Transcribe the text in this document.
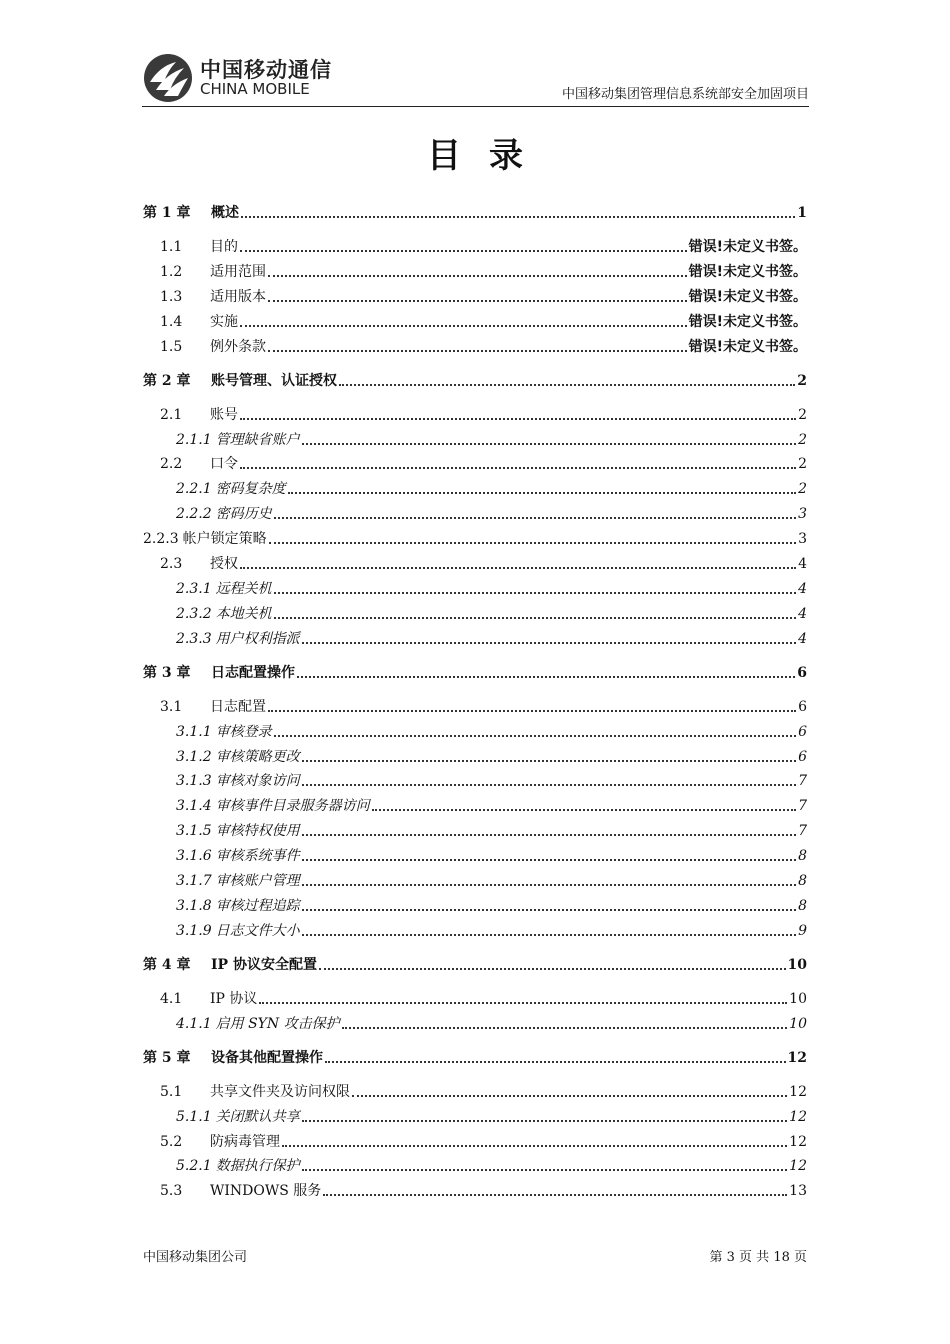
中国移动通信
CHINA MOBILE	中国移动集团管理信息系统部安全加固项目
目录
第 1 章	概述	1
1.1	目的	错误!未定义书签。
1.2	适用范围	错误!未定义书签。
1.3	适用版本	错误!未定义书签。
1.4	实施	错误!未定义书签。
1.5	例外条款	错误!未定义书签。
第 2 章	账号管理、认证授权	2
2.1	账号	2
2.1.1 管理缺省账户	2
2.2	口令	2
2.2.1 密码复杂度	2
2.2.2 密码历史	3
2.2.3 帐户锁定策略	3
2.3	授权	4
2.3.1 远程关机	4
2.3.2 本地关机	4
2.3.3 用户权利指派	4
第 3 章	日志配置操作	6
3.1	日志配置	6
3.1.1 审核登录	6
3.1.2 审核策略更改	6
3.1.3 审核对象访问	7
3.1.4 审核事件目录服务器访问	7
3.1.5 审核特权使用	7
3.1.6 审核系统事件	8
3.1.7 审核账户管理	8
3.1.8 审核过程追踪	8
3.1.9 日志文件大小	9
第 4 章	IP 协议安全配置	10
4.1	IP 协议	10
4.1.1 启用 SYN 攻击保护	10
第 5 章	设备其他配置操作	12
5.1	共享文件夹及访问权限	12
5.1.1 关闭默认共享	12
5.2	防病毒管理	12
5.2.1 数据执行保护	12
5.3	WINDOWS 服务	13
中国移动集团公司	第 3 页 共 18 页
